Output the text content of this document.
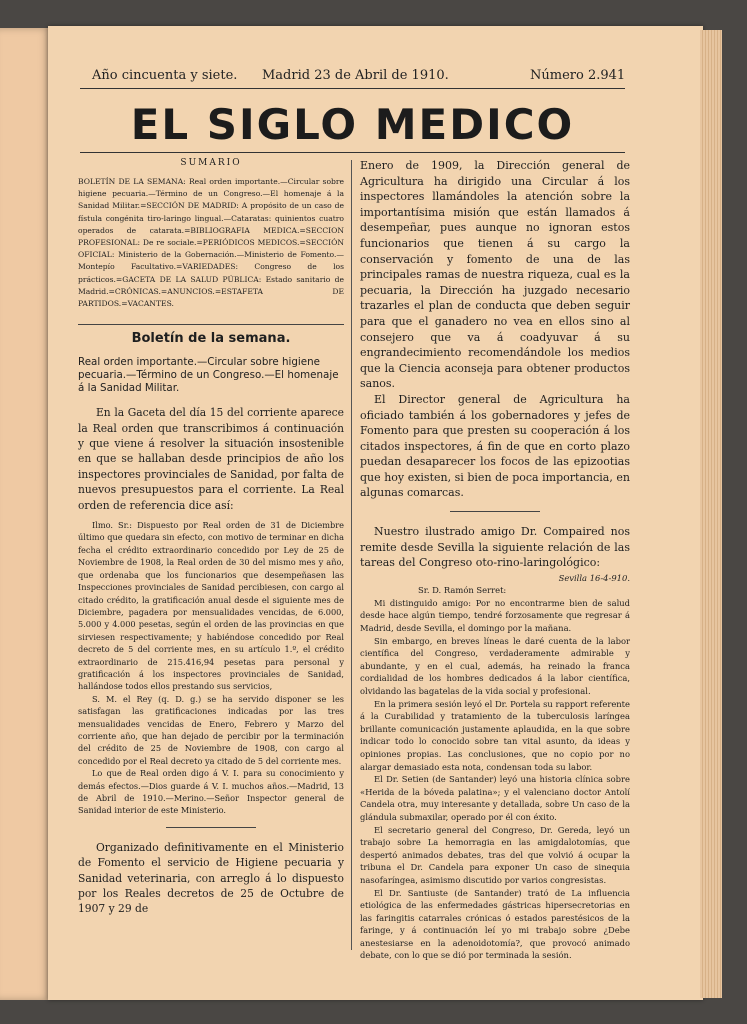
Año cincuenta y siete. Madrid 23 de Abril de 1910.	Número 2.941
EL SIGLO MEDICO
SUMARIO
BOLETÍN DE LA SEMANA: Real orden importante.—Circular sobre higiene pecuaria.—Término de un Congreso.—El homenaje á la Sanidad Militar.=SECCIÓN DE MADRID: A propósito de un caso de fístula congénita tiro-laringo lingual.—Cataratas: quinientos cuatro operados de catarata.=BIBLIOGRAFIA MEDICA.=SECCION PROFESIONAL: De re sociale.=PERIÓDICOS MEDICOS.=SECCIÓN OFICIAL: Ministerio de la Gobernación.—Ministerio de Fomento.—Montepío Facultativo.=VARIEDADES: Congreso de los prácticos.=GACETA DE LA SALUD PÚBLICA: Estado sanitario de Madrid.=CRÓNICAS.=ANUNCIOS.=ESTAFETA DE PARTIDOS.=VACANTES.
Boletín de la semana.
Real orden importante.—Circular sobre higiene pecuaria.—Término de un Congreso.—El homenaje á la Sanidad Militar.

En la Gaceta del día 15 del corriente aparece la Real orden que transcribimos á continuación y que viene á resolver la situación insostenible en que se hallaban desde principios de año los inspectores provinciales de Sanidad, por falta de nuevos presupuestos para el corriente. La Real orden de referencia dice así:

Ilmo. Sr.: Dispuesto por Real orden de 31 de Diciembre último que quedara sin efecto, con motivo de terminar en dicha fecha el crédito extraordinario concedido por Ley de 25 de Noviembre de 1908, la Real orden de 30 del mismo mes y año, que ordenaba que los funcionarios que desempeñasen las Inspecciones provinciales de Sanidad percibiesen, con cargo al citado crédito, la gratificación anual desde el siguiente mes de Diciembre, pagadera por mensualidades vencidas, de 6.000, 5.000 y 4.000 pesetas, según el orden de las provincias en que sirviesen respectivamente; y habiéndose concedido por Real decreto de 5 del corriente mes, en su artículo 1.º, el crédito extraordinario de 215.416,94 pesetas para personal y gratificación á los inspectores provinciales de Sanidad, hallándose todos ellos prestando sus servicios,

S. M. el Rey (q. D. g.) se ha servido disponer se les satisfagan las gratificaciones indicadas por las tres mensualidades vencidas de Enero, Febrero y Marzo del corriente año, que han dejado de percibir por la terminación del crédito de 25 de Noviembre de 1908, con cargo al concedido por el Real decreto ya citado de 5 del corriente mes.

Lo que de Real orden digo á V. I. para su conocimiento y demás efectos.—Dios guarde á V. I. muchos años.—Madrid, 13 de Abril de 1910.—Merino.—Señor Inspector general de Sanidad interior de este Ministerio.

Organizado definitivamente en el Ministerio de Fomento el servicio de Higiene pecuaria y Sanidad veterinaria, con arreglo á lo dispuesto por los Reales decretos de 25 de Octubre de 1907 y 29 de

Enero de 1909, la Dirección general de Agricultura ha dirigido una Circular á los inspectores llamándoles la atención sobre la importantísima misión que están llamados á desempeñar, pues aunque no ignoran estos funcionarios que tienen á su cargo la conservación y fomento de una de las principales ramas de nuestra riqueza, cual es la pecuaria, la Dirección ha juzgado necesario trazarles el plan de conducta que deben seguir para que el ganadero no vea en ellos sino al consejero que va á coadyuvar á su engrandecimiento recomendándole los medios que la Ciencia aconseja para obtener productos sanos.

El Director general de Agricultura ha oficiado también á los gobernadores y jefes de Fomento para que presten su cooperación á los citados inspectores, á fin de que en corto plazo puedan desaparecer los focos de las epizootias que hoy existen, si bien de poca importancia, en algunas comarcas.

Nuestro ilustrado amigo Dr. Compaired nos remite desde Sevilla la siguiente relación de las tareas del Congreso oto-rino-laringológico:

Sevilla 16-4-910.
Sr. D. Ramón Serret:

Mi distinguido amigo: Por no encontrarme bien de salud desde hace algún tiempo, tendré forzosamente que regresar á Madrid, desde Sevilla, el domingo por la mañana.

Sin embargo, en breves líneas le daré cuenta de la labor científica del Congreso, verdaderamente admirable y abundante, y en el cual, además, ha reinado la franca cordialidad de los hombres dedicados á la labor científica, olvidando las bagatelas de la vida social y profesional.

En la primera sesión leyó el Dr. Portela su rapport referente á la Curabilidad y tratamiento de la tuberculosis laríngea brillante comunicación justamente aplaudida, en la que sobre indicar todo lo conocido sobre tan vital asunto, da ideas y opiniones propias. Las conclusiones, que no copio por no alargar demasiado esta nota, condensan toda su labor.

El Dr. Setien (de Santander) leyó una historia clínica sobre «Herida de la bóveda palatina»; y el valenciano doctor Antolí Candela otra, muy interesante y detallada, sobre Un caso de la glándula submaxilar, operado por él con éxito.

El secretario general del Congreso, Dr. Gereda, leyó un trabajo sobre La hemorragia en las amigdalotomías, que despertó animados debates, tras del que volvió á ocupar la tribuna el Dr. Candela para exponer Un caso de sinequia nasofaríngea, asimismo discutido por varios congresistas.

El Dr. Santiuste (de Santander) trató de La influencia etiológica de las enfermedades gástricas hipersecretorias en las faringitis catarrales crónicas ó estados parestésicos de la faringe, y á continuación leí yo mi trabajo sobre ¿Debe anestesiarse en la adenoidotomía?, que provocó animado debate, con lo que se dió por terminada la sesión.
